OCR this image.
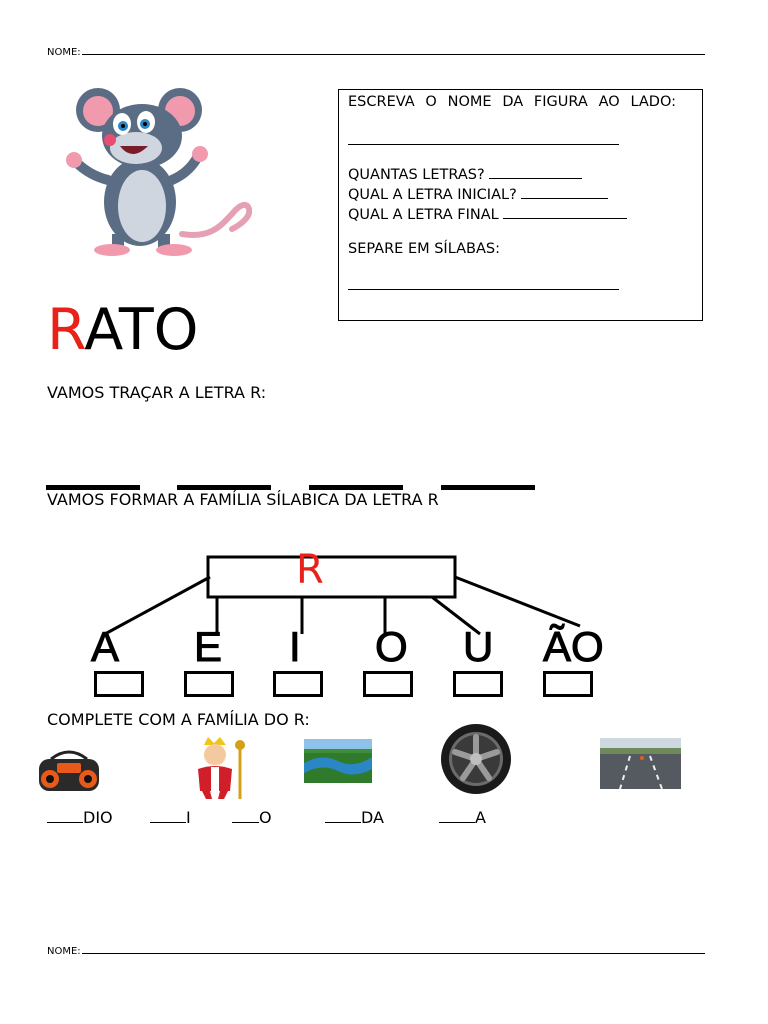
NOME:

ESCREVA O NOME DA FIGURA AO LADO:

QUANTAS LETRAS?

QUAL A LETRA INICIAL?

QUAL A LETRA FINAL

SEPARE EM SÍLABAS:

RATO
VAMOS TRAÇAR A LETRA R:
VAMOS FORMAR A FAMÍLIA SÍLABICA DA LETRA R
R
A E I O U ÃO
COMPLETE COM A FAMÍLIA DO R:
DIO	I	O	DA	A
NOME:
